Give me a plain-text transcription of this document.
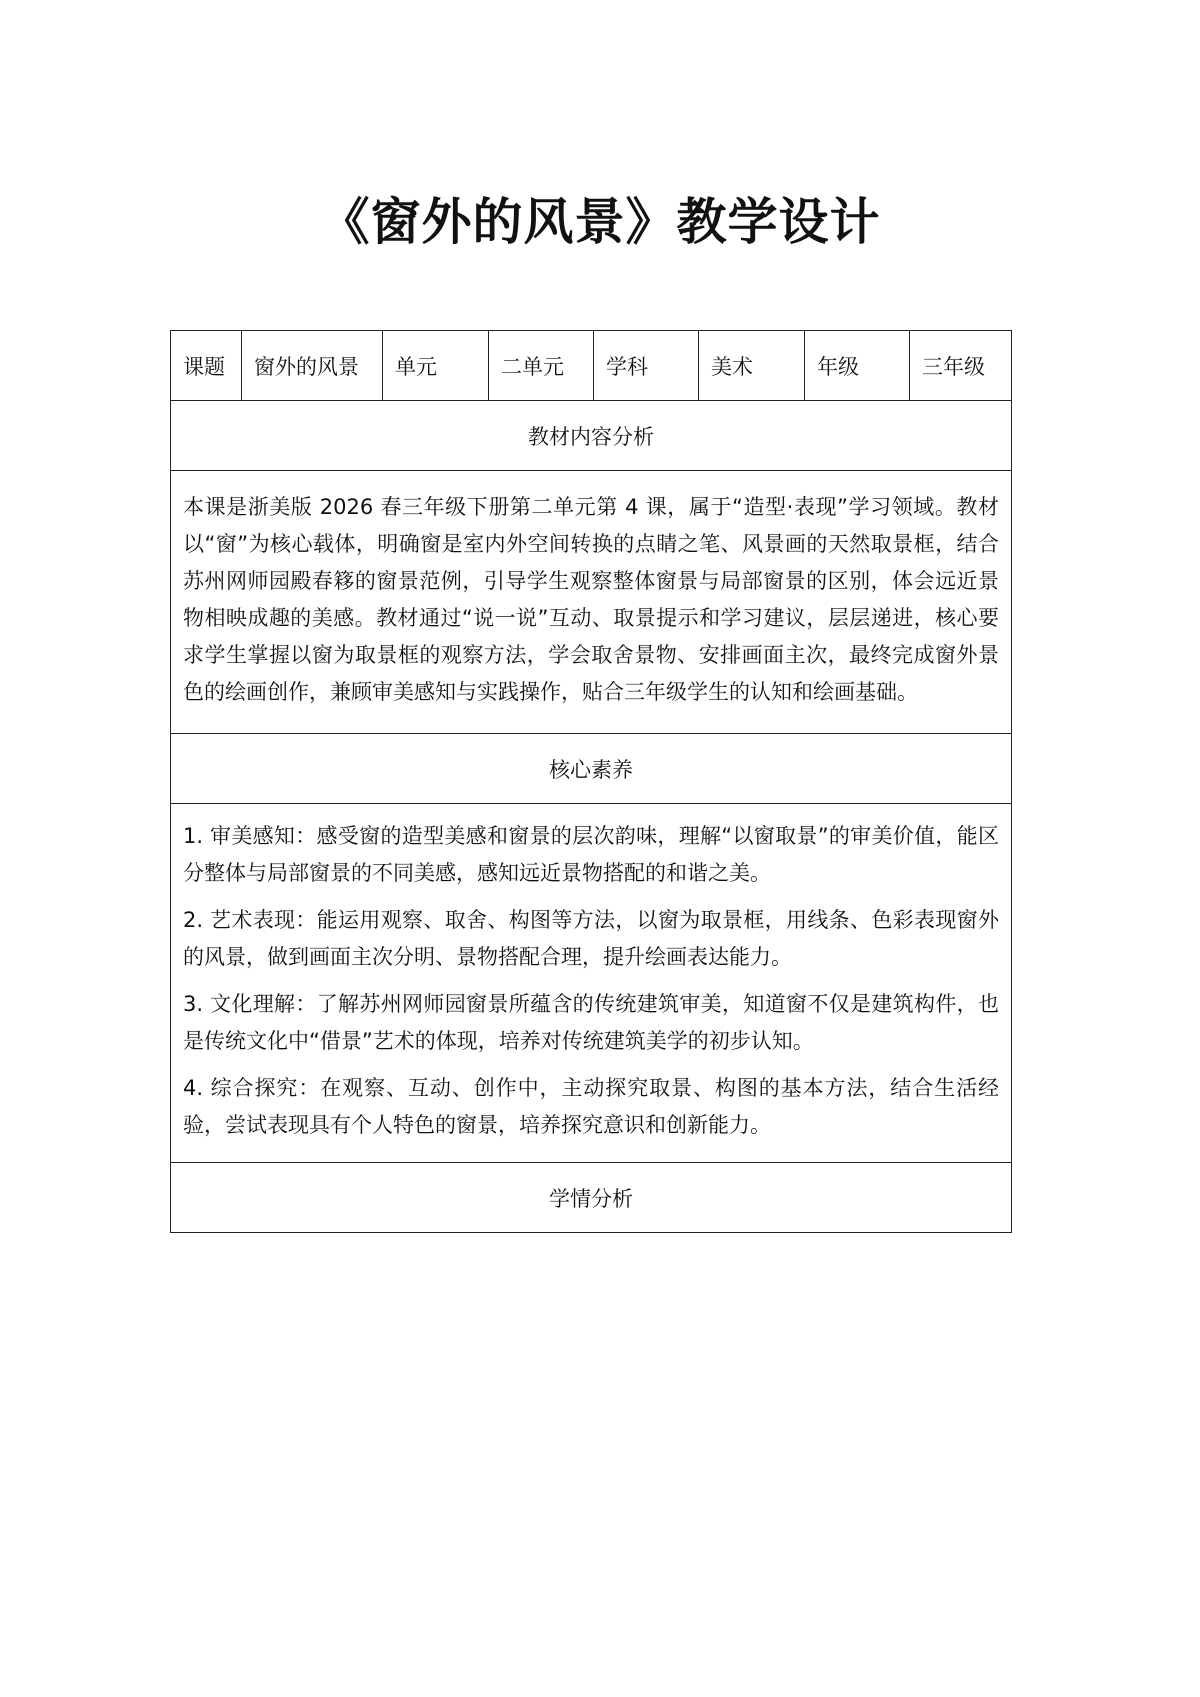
《窗外的风景》教学设计
课题	窗外的风景	单元	二单元	学科	美术	年级	三年级
教材内容分析
本课是浙美版 2026 春三年级下册第二单元第 4 课，属于“造型·表现”学习领域。教材以“窗”为核心载体，明确窗是室内外空间转换的点睛之笔、风景画的天然取景框，结合苏州网师园殿春簃的窗景范例，引导学生观察整体窗景与局部窗景的区别，体会远近景物相映成趣的美感。教材通过“说一说”互动、取景提示和学习建议，层层递进，核心要求学生掌握以窗为取景框的观察方法，学会取舍景物、安排画面主次，最终完成窗外景色的绘画创作，兼顾审美感知与实践操作，贴合三年级学生的认知和绘画基础。
核心素养

1. 审美感知：感受窗的造型美感和窗景的层次韵味，理解“以窗取景”的审美价值，能区分整体与局部窗景的不同美感，感知远近景物搭配的和谐之美。

2. 艺术表现：能运用观察、取舍、构图等方法，以窗为取景框，用线条、色彩表现窗外的风景，做到画面主次分明、景物搭配合理，提升绘画表达能力。

3. 文化理解：了解苏州网师园窗景所蕴含的传统建筑审美，知道窗不仅是建筑构件，也是传统文化中“借景”艺术的体现，培养对传统建筑美学的初步认知。

4. 综合探究：在观察、互动、创作中，主动探究取景、构图的基本方法，结合生活经验，尝试表现具有个人特色的窗景，培养探究意识和创新能力。

学情分析
